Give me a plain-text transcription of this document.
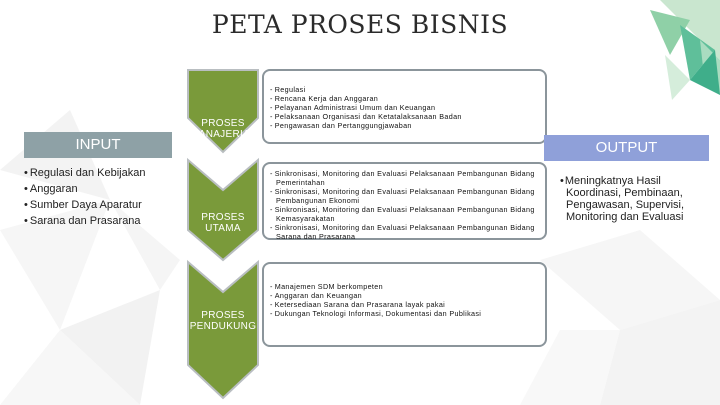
PETA PROSES BISNIS
INPUT
• Regulasi dan Kebijakan
• Anggaran
• Sumber Daya Aparatur
• Sarana dan Prasarana
PROSES MANAJERIAL
PROSES UTAMA
PROSES PENDUKUNG
- Regulasi
- Rencana Kerja dan Anggaran
- Pelayanan Administrasi Umum dan Keuangan
- Pelaksanaan Organisasi dan Ketatalaksanaan Badan
- Pengawasan dan Pertanggungjawaban
- Sinkronisasi, Monitoring dan Evaluasi Pelaksanaan Pembangunan Bidang Pemerintahan
- Sinkronisasi, Monitoring dan Evaluasi Pelaksanaan Pembangunan Bidang Pembangunan Ekonomi
- Sinkronisasi, Monitoring dan Evaluasi Pelaksanaan Pembangunan Bidang Kemasyarakatan
- Sinkronisasi, Monitoring dan Evaluasi Pelaksanaan Pembangunan Bidang Sarana dan Prasarana
- Manajemen SDM berkompeten
- Anggaran dan Keuangan
- Ketersediaan Sarana dan Prasarana layak pakai
- Dukungan Teknologi Informasi, Dokumentasi dan Publikasi
OUTPUT
• Meningkatnya Hasil Koordinasi, Pembinaan, Pengawasan, Supervisi, Monitoring dan Evaluasi
